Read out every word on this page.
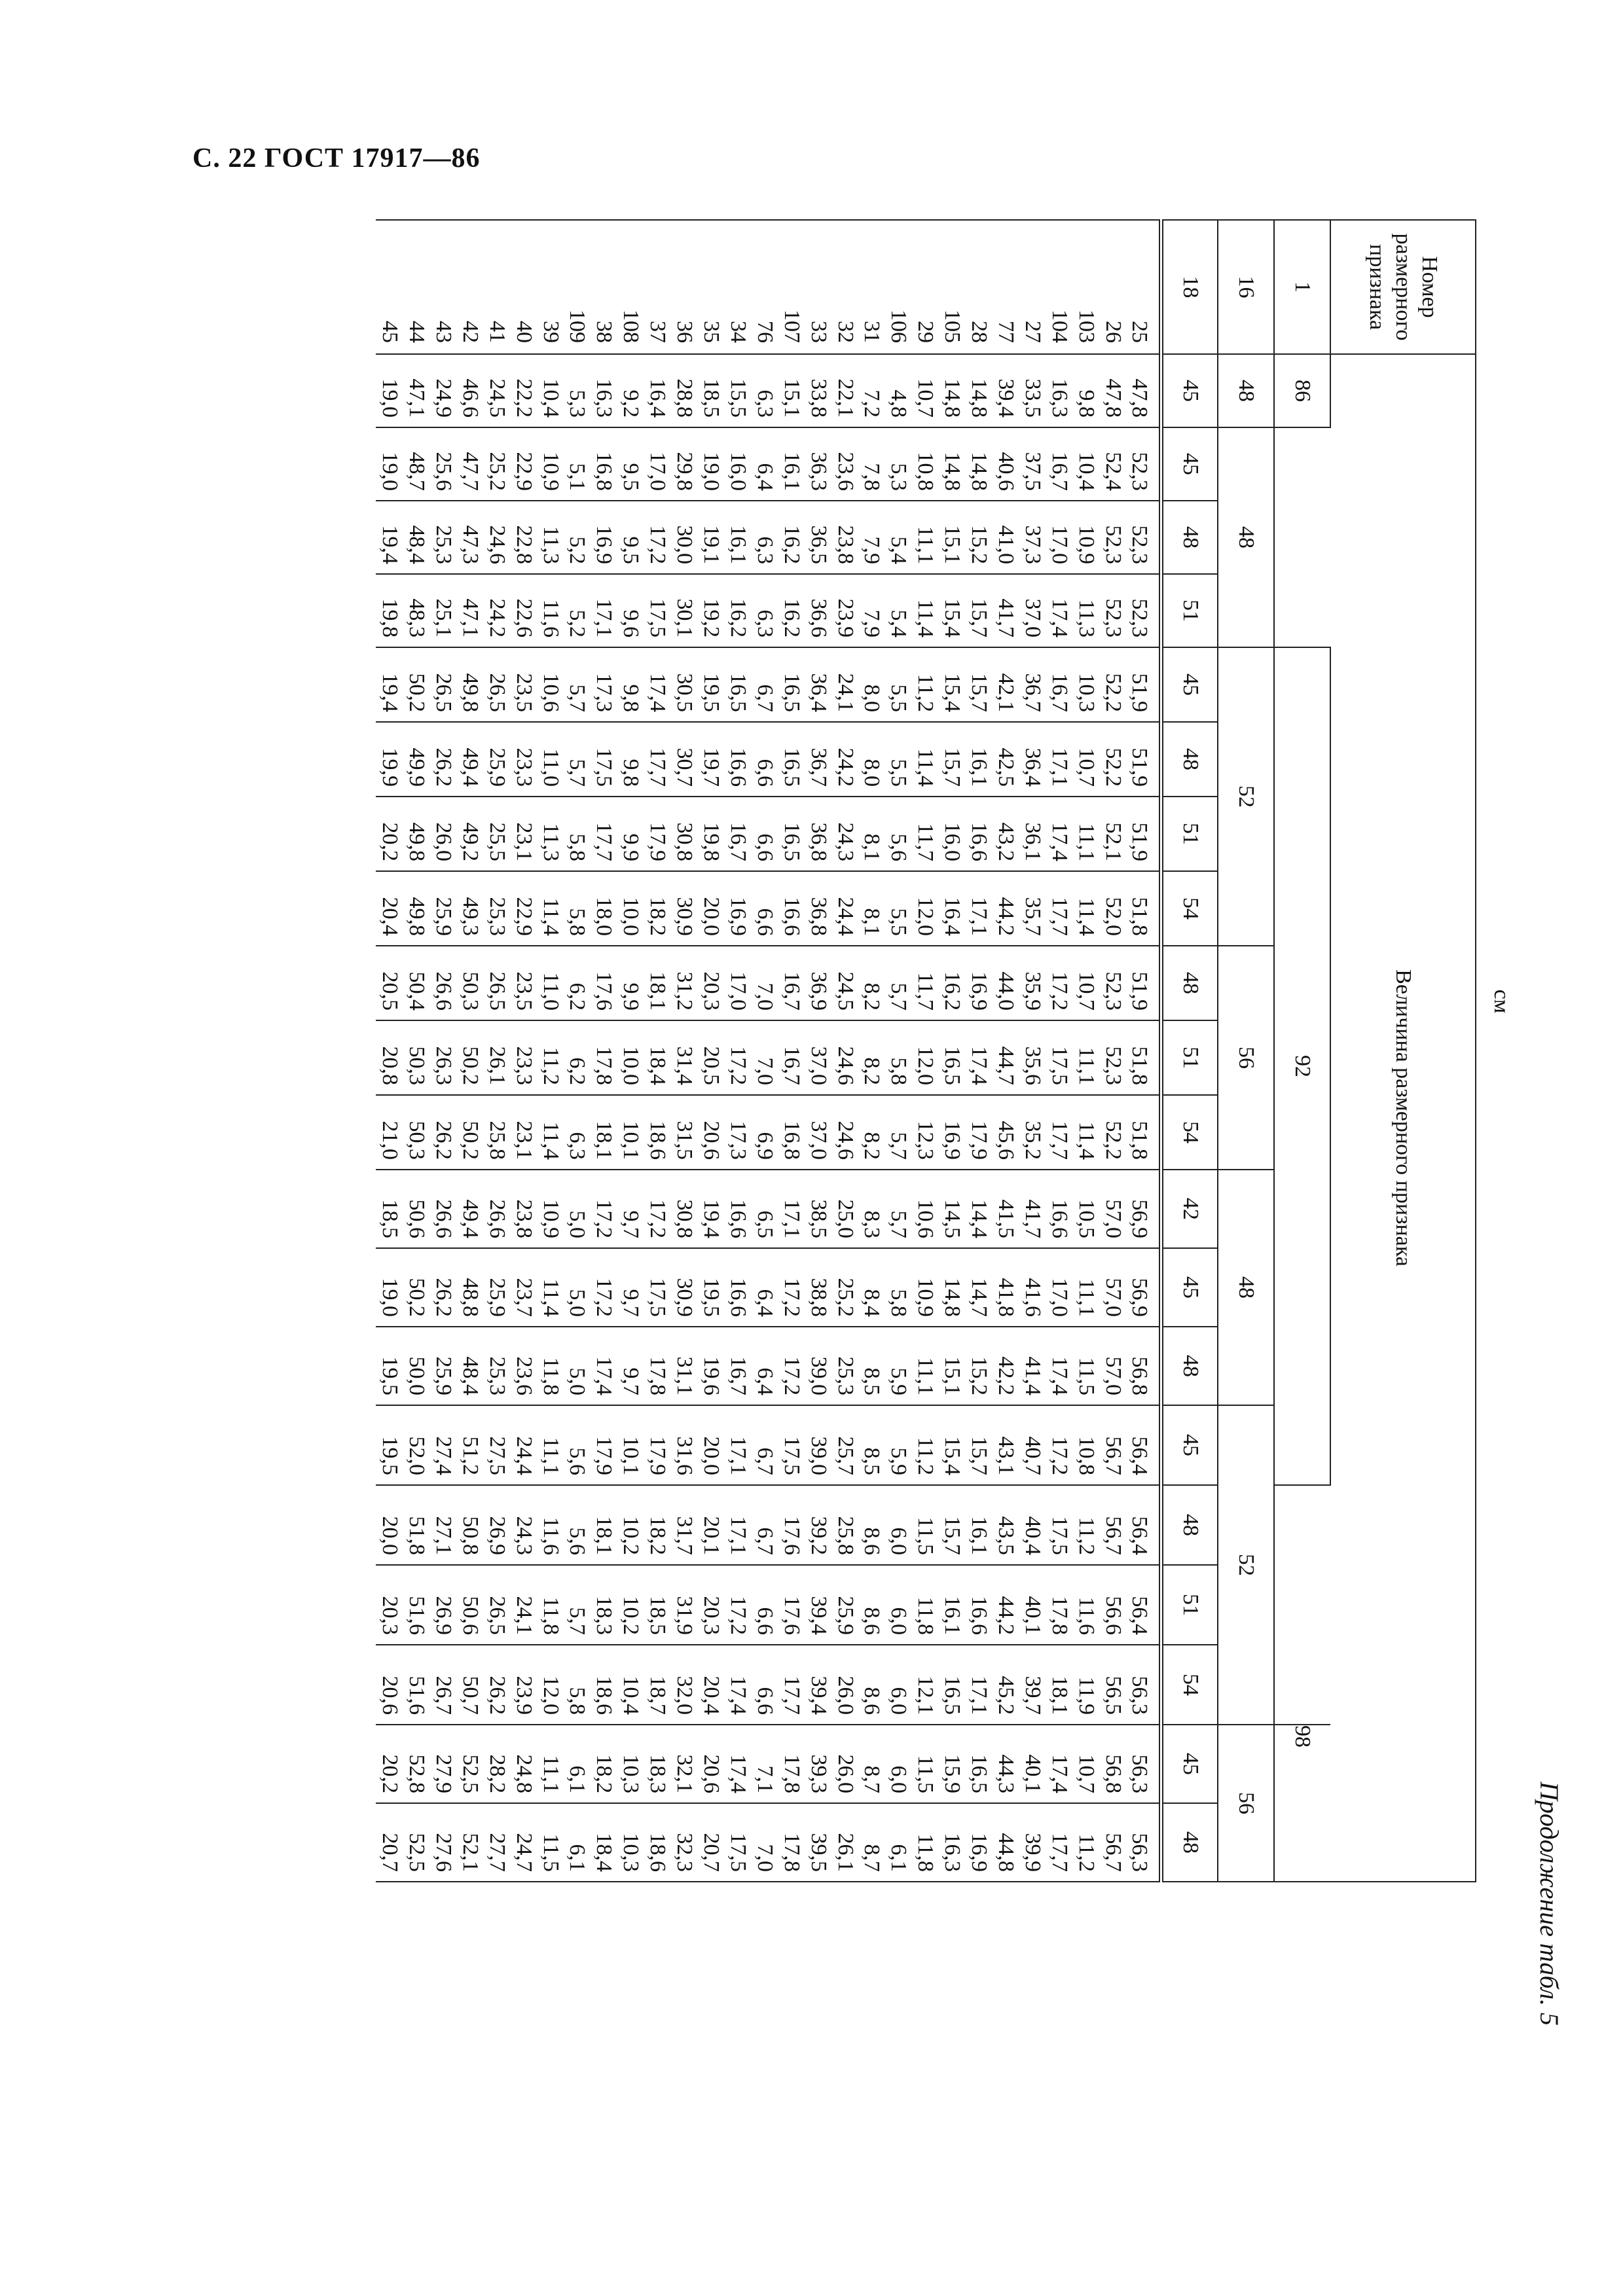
С. 22 ГОСТ 17917—86
Продолжение табл. 5
см
Номер размерного признака	Величина размерного признака																			
1	86				92														98	
16	48	48			52				56			48			52				56	
18	45	45	48	51	45	48	51	54	48	51	54	42	45	48	45	48	51	54	45	48
25	47,8	52,3	52,3	52,3	51,9	51,9	51,9	51,8	51,9	51,8	51,8	56,9	56,9	56,8	56,4	56,4	56,4	56,3	56,3	56,3
26	47,8	52,4	52,3	52,3	52,2	52,2	52,1	52,0	52,3	52,3	52,2	57,0	57,0	57,0	56,7	56,7	56,6	56,5	56,8	56,7
103	9,8	10,4	10,9	11,3	10,3	10,7	11,1	11,4	10,7	11,1	11,4	10,5	11,1	11,5	10,8	11,2	11,6	11,9	10,7	11,2
104	16,3	16,7	17,0	17,4	16,7	17,1	17,4	17,7	17,2	17,5	17,7	16,6	17,0	17,4	17,2	17,5	17,8	18,1	17,4	17,7
27	33,5	37,5	37,3	37,0	36,7	36,4	36,1	35,7	35,9	35,6	35,2	41,7	41,6	41,4	40,7	40,4	40,1	39,7	40,1	39,9
77	39,4	40,6	41,0	41,7	42,1	42,5	43,2	44,2	44,0	44,7	45,6	41,5	41,8	42,2	43,1	43,5	44,2	45,2	44,3	44,8
28	14,8	14,8	15,2	15,7	15,7	16,1	16,6	17,1	16,9	17,4	17,9	14,4	14,7	15,2	15,7	16,1	16,6	17,1	16,5	16,9
105	14,8	14,8	15,1	15,4	15,4	15,7	16,0	16,4	16,2	16,5	16,9	14,5	14,8	15,1	15,4	15,7	16,1	16,5	15,9	16,3
29	10,7	10,8	11,1	11,4	11,2	11,4	11,7	12,0	11,7	12,0	12,3	10,6	10,9	11,1	11,2	11,5	11,8	12,1	11,5	11,8
106	4,8	5,3	5,4	5,4	5,5	5,5	5,6	5,5	5,7	5,8	5,7	5,7	5,8	5,9	5,9	6,0	6,0	6,0	6,0	6,1
31	7,2	7,8	7,9	7,9	8,0	8,0	8,1	8,1	8,2	8,2	8,2	8,3	8,4	8,5	8,5	8,6	8,6	8,6	8,7	8,7
32	22,1	23,6	23,8	23,9	24,1	24,2	24,3	24,4	24,5	24,6	24,6	25,0	25,2	25,3	25,7	25,8	25,9	26,0	26,0	26,1
33	33,8	36,3	36,5	36,6	36,4	36,7	36,8	36,8	36,9	37,0	37,0	38,5	38,8	39,0	39,0	39,2	39,4	39,4	39,3	39,5
107	15,1	16,1	16,2	16,2	16,5	16,5	16,5	16,6	16,7	16,7	16,8	17,1	17,2	17,2	17,5	17,6	17,6	17,7	17,8	17,8
76	6,3	6,4	6,3	6,3	6,7	6,6	6,6	6,6	7,0	7,0	6,9	6,5	6,4	6,4	6,7	6,7	6,6	6,6	7,1	7,0
34	15,5	16,0	16,1	16,2	16,5	16,6	16,7	16,9	17,0	17,2	17,3	16,6	16,6	16,7	17,1	17,1	17,2	17,4	17,4	17,5
35	18,5	19,0	19,1	19,2	19,5	19,7	19,8	20,0	20,3	20,5	20,6	19,4	19,5	19,6	20,0	20,1	20,3	20,4	20,6	20,7
36	28,8	29,8	30,0	30,1	30,5	30,7	30,8	30,9	31,2	31,4	31,5	30,8	30,9	31,1	31,6	31,7	31,9	32,0	32,1	32,3
37	16,4	17,0	17,2	17,5	17,4	17,7	17,9	18,2	18,1	18,4	18,6	17,2	17,5	17,8	17,9	18,2	18,5	18,7	18,3	18,6
108	9,2	9,5	9,5	9,6	9,8	9,8	9,9	10,0	9,9	10,0	10,1	9,7	9,7	9,7	10,1	10,2	10,2	10,4	10,3	10,3
38	16,3	16,8	16,9	17,1	17,3	17,5	17,7	18,0	17,6	17,8	18,1	17,2	17,2	17,4	17,9	18,1	18,3	18,6	18,2	18,4
109	5,3	5,1	5,2	5,2	5,7	5,7	5,8	5,8	6,2	6,2	6,3	5,0	5,0	5,0	5,6	5,6	5,7	5,8	6,1	6,1
39	10,4	10,9	11,3	11,6	10,6	11,0	11,3	11,4	11,0	11,2	11,4	10,9	11,4	11,8	11,1	11,6	11,8	12,0	11,1	11,5
40	22,2	22,9	22,8	22,6	23,5	23,3	23,1	22,9	23,5	23,3	23,1	23,8	23,7	23,6	24,4	24,3	24,1	23,9	24,8	24,7
41	24,5	25,2	24,6	24,2	26,5	25,9	25,5	25,3	26,5	26,1	25,8	26,6	25,9	25,3	27,5	26,9	26,5	26,2	28,2	27,7
42	46,6	47,7	47,3	47,1	49,8	49,4	49,2	49,3	50,3	50,2	50,2	49,4	48,8	48,4	51,2	50,8	50,6	50,7	52,5	52,1
43	24,9	25,6	25,3	25,1	26,5	26,2	26,0	25,9	26,6	26,3	26,2	26,6	26,2	25,9	27,4	27,1	26,9	26,7	27,9	27,6
44	47,1	48,7	48,4	48,3	50,2	49,9	49,8	49,8	50,4	50,3	50,3	50,6	50,2	50,0	52,0	51,8	51,6	51,6	52,8	52,5
45	19,0	19,0	19,4	19,8	19,4	19,9	20,2	20,4	20,5	20,8	21,0	18,5	19,0	19,5	19,5	20,0	20,3	20,6	20,2	20,7
